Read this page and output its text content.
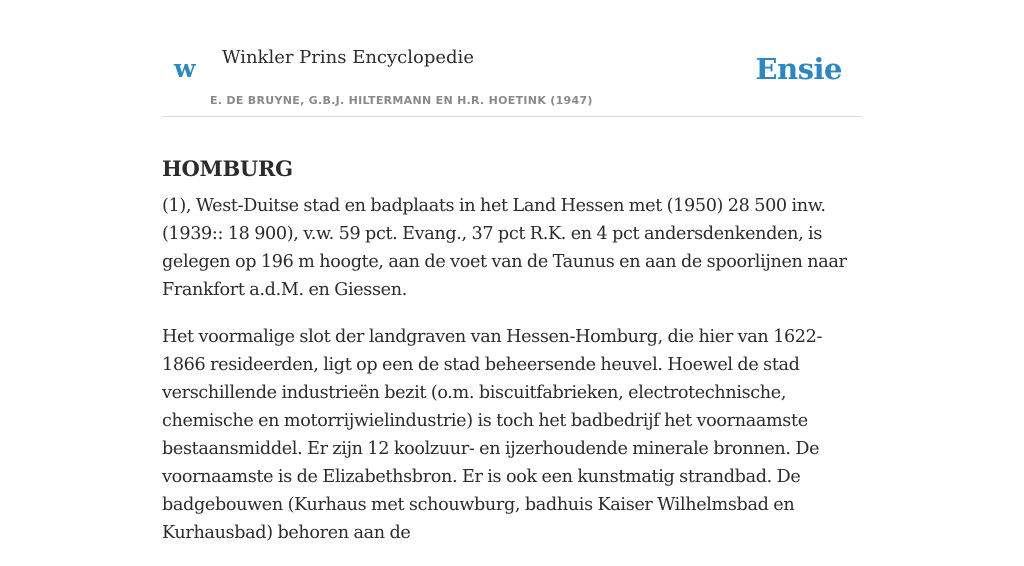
w Winkler Prins Encyclopedie
E. DE BRUYNE, G.B.J. HILTERMANN EN H.R. HOETINK (1947)
Ensie
HOMBURG

(1), West-Duitse stad en badplaats in het Land Hessen met (1950) 28 500 inw. (1939:: 18 900), v.w. 59 pct. Evang., 37 pct R.K. en 4 pct andersdenkenden, is gelegen op 196 m hoogte, aan de voet van de Taunus en aan de spoorlijnen naar Frankfort a.d.M. en Giessen.

Het voormalige slot der landgraven van Hessen-Homburg, die hier van 1622-1866 resideerden, ligt op een de stad beheersende heuvel. Hoewel de stad verschillende industrieën bezit (o.m. biscuitfabrieken, electrotechnische, chemische en motorrijwielindustrie) is toch het badbedrijf het voornaamste bestaansmiddel. Er zijn 12 koolzuur- en ijzerhoudende minerale bronnen. De voornaamste is de Elizabethsbron. Er is ook een kunstmatig strandbad. De badgebouwen (Kurhaus met schouwburg, badhuis Kaiser Wilhelmsbad en Kurhausbad) behoren aan de
